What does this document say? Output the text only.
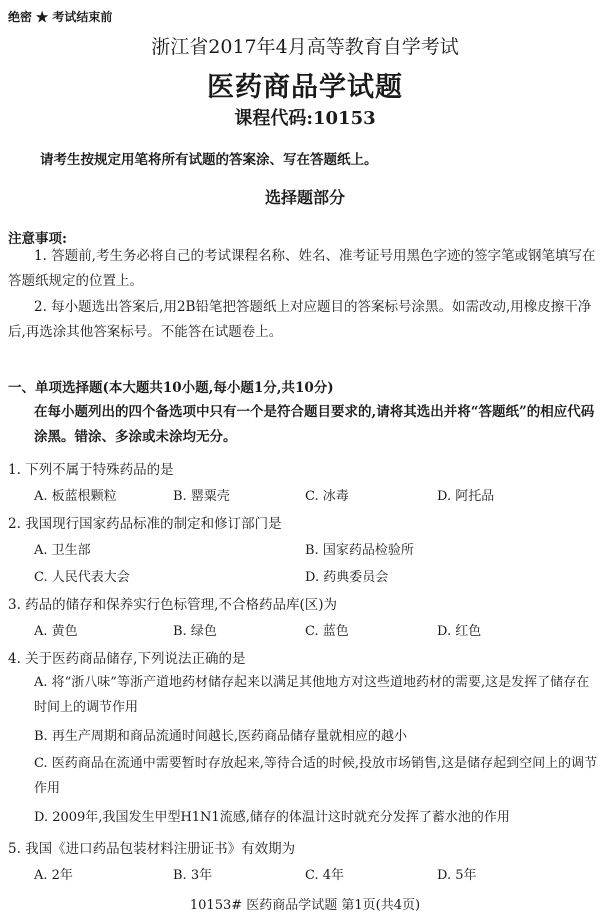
绝密 ★ 考试结束前
浙江省2017年4月高等教育自学考试
医药商品学试题
课程代码:10153
请考生按规定用笔将所有试题的答案涂、写在答题纸上。
选择题部分
注意事项:
1. 答题前,考生务必将自己的考试课程名称、姓名、准考证号用黑色字迹的签字笔或钢笔填写在答题纸规定的位置上。
2. 每小题选出答案后,用2B铅笔把答题纸上对应题目的答案标号涂黑。如需改动,用橡皮擦干净后,再选涂其他答案标号。不能答在试题卷上。
一、单项选择题(本大题共10小题,每小题1分,共10分)
在每小题列出的四个备选项中只有一个是符合题目要求的,请将其选出并将“答题纸”的相应代码涂黑。错涂、多涂或未涂均无分。
1. 下列不属于特殊药品的是
A. 板蓝根颗粒	B. 罂粟壳	C. 冰毒	D. 阿托品
2. 我国现行国家药品标准的制定和修订部门是
A. 卫生部	B. 国家药品检验所
C. 人民代表大会	D. 药典委员会
3. 药品的储存和保养实行色标管理,不合格药品库(区)为
A. 黄色	B. 绿色	C. 蓝色	D. 红色
4. 关于医药商品储存,下列说法正确的是
A. 将“浙八味”等浙产道地药材储存起来以满足其他地方对这些道地药材的需要,这是发挥了储存在时间上的调节作用
B. 再生产周期和商品流通时间越长,医药商品储存量就相应的越小
C. 医药商品在流通中需要暂时存放起来,等待合适的时候,投放市场销售,这是储存起到空间上的调节作用
D. 2009年,我国发生甲型H1N1流感,储存的体温计这时就充分发挥了蓄水池的作用
5. 我国《进口药品包装材料注册证书》有效期为
A. 2年	B. 3年	C. 4年	D. 5年
10153# 医药商品学试题 第1页(共4页)
